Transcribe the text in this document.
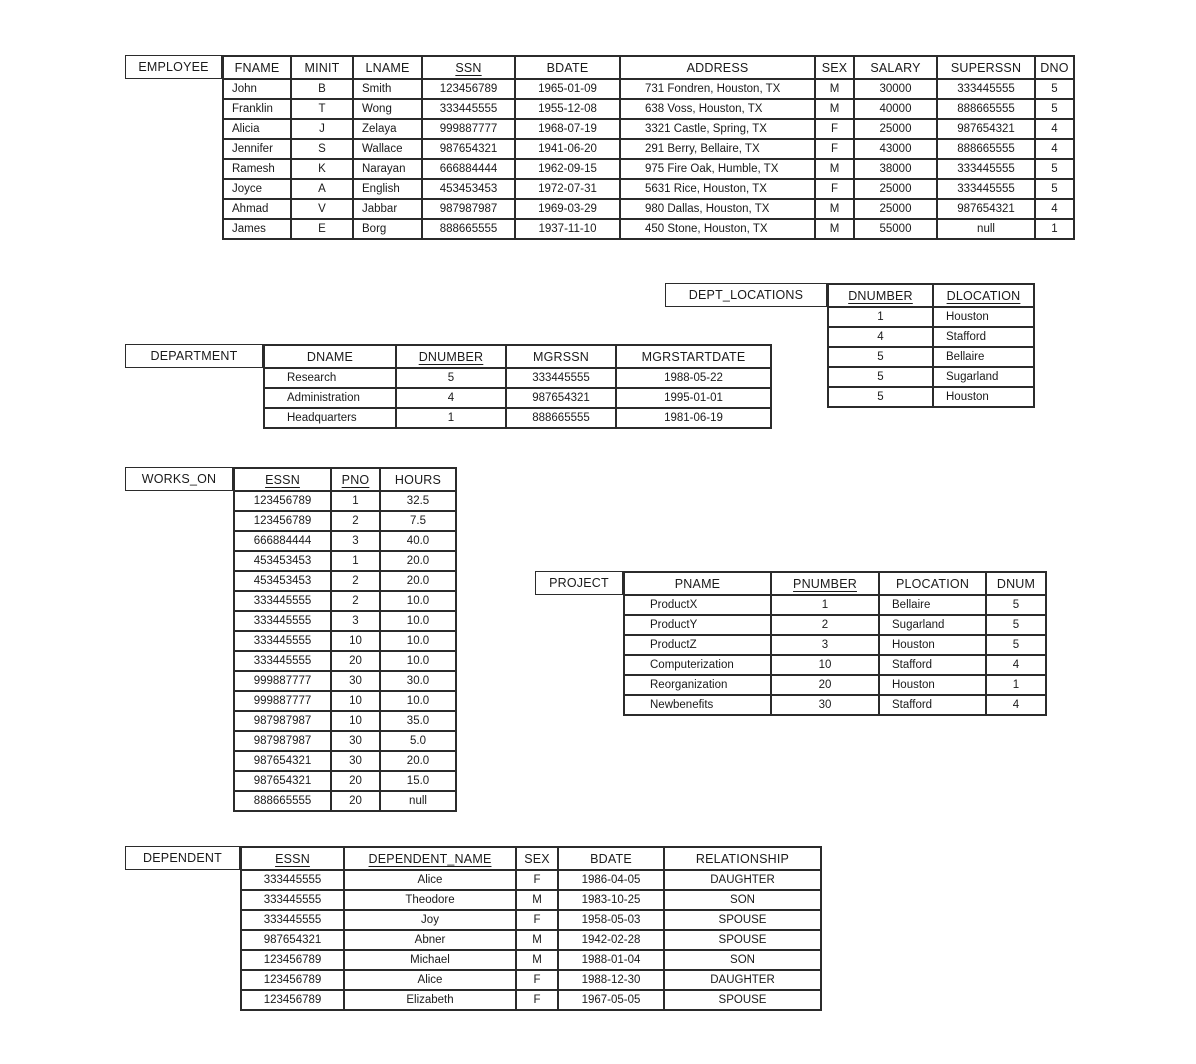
EMPLOYEE	FNAME	MINIT	LNAME	SSN	BDATE	ADDRESS	SEX	SALARY	SUPERSSN	DNO
John	B	Smith	123456789	1965-01-09	731 Fondren, Houston, TX	M	30000	333445555	5
Franklin	T	Wong	333445555	1955-12-08	638 Voss, Houston, TX	M	40000	888665555	5
Alicia	J	Zelaya	999887777	1968-07-19	3321 Castle, Spring, TX	F	25000	987654321	4
Jennifer	S	Wallace	987654321	1941-06-20	291 Berry, Bellaire, TX	F	43000	888665555	4
Ramesh	K	Narayan	666884444	1962-09-15	975 Fire Oak, Humble, TX	M	38000	333445555	5
Joyce	A	English	453453453	1972-07-31	5631 Rice, Houston, TX	F	25000	333445555	5
Ahmad	V	Jabbar	987987987	1969-03-29	980 Dallas, Houston, TX	M	25000	987654321	4
James	E	Borg	888665555	1937-11-10	450 Stone, Houston, TX	M	55000	null	1
DEPT_LOCATIONS	DNUMBER	DLOCATION
1	Houston
4	Stafford
5	Bellaire
5	Sugarland
5	Houston
DEPARTMENT	DNAME	DNUMBER	MGRSSN	MGRSTARTDATE
Research	5	333445555	1988-05-22
Administration	4	987654321	1995-01-01
Headquarters	1	888665555	1981-06-19
WORKS_ON	ESSN	PNO	HOURS
123456789	1	32.5
123456789	2	7.5
666884444	3	40.0
453453453	1	20.0
453453453	2	20.0
333445555	2	10.0
333445555	3	10.0
333445555	10	10.0
333445555	20	10.0
999887777	30	30.0
999887777	10	10.0
987987987	10	35.0
987987987	30	5.0
987654321	30	20.0
987654321	20	15.0
888665555	20	null
PROJECT	PNAME	PNUMBER	PLOCATION	DNUM
ProductX	1	Bellaire	5
ProductY	2	Sugarland	5
ProductZ	3	Houston	5
Computerization	10	Stafford	4
Reorganization	20	Houston	1
Newbenefits	30	Stafford	4
DEPENDENT	ESSN	DEPENDENT_NAME	SEX	BDATE	RELATIONSHIP
333445555	Alice	F	1986-04-05	DAUGHTER
333445555	Theodore	M	1983-10-25	SON
333445555	Joy	F	1958-05-03	SPOUSE
987654321	Abner	M	1942-02-28	SPOUSE
123456789	Michael	M	1988-01-04	SON
123456789	Alice	F	1988-12-30	DAUGHTER
123456789	Elizabeth	F	1967-05-05	SPOUSE
